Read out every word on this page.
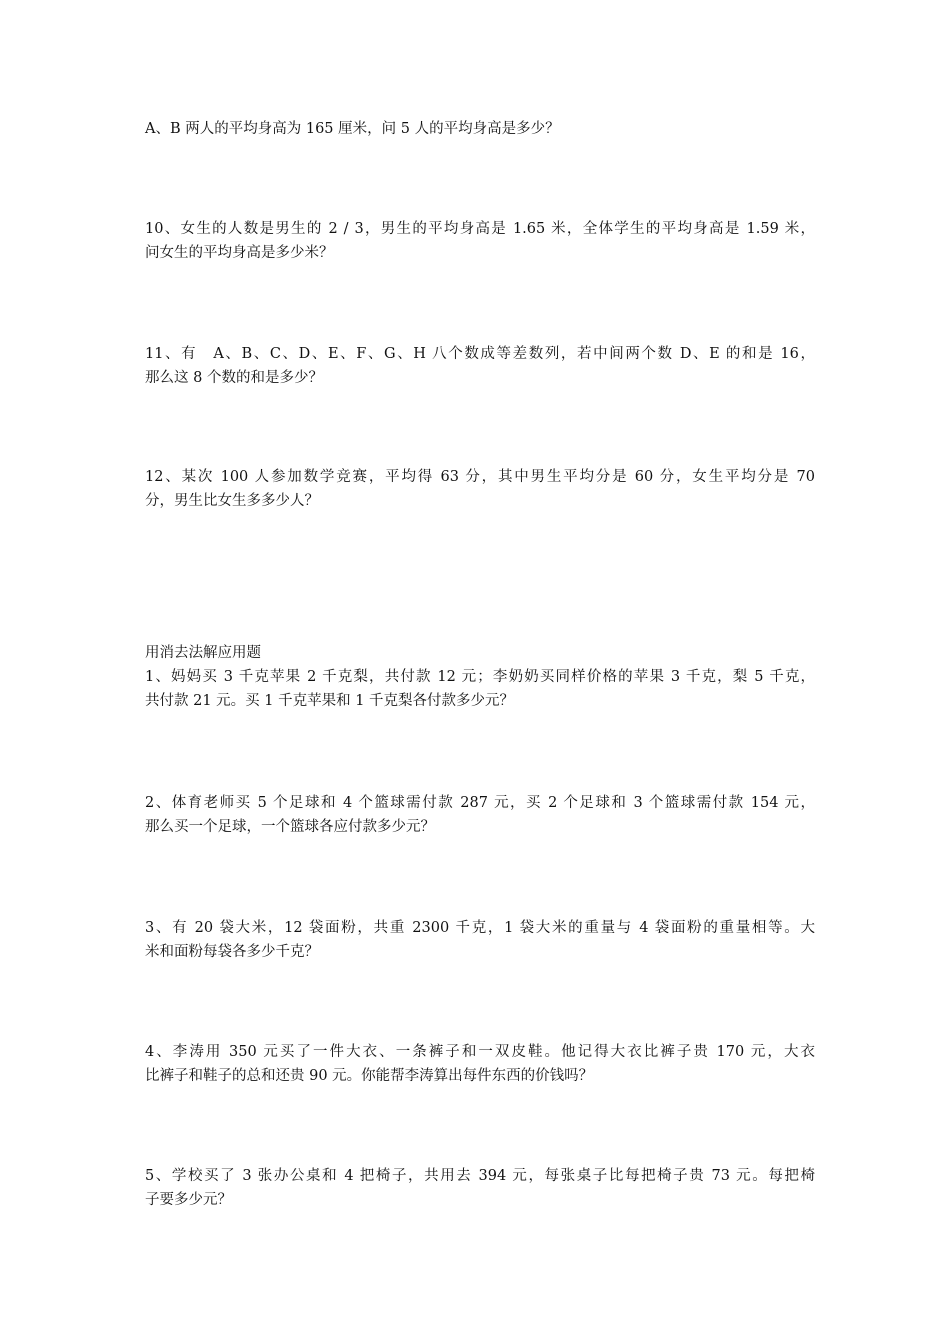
A、B 两人的平均身高为 165 厘米，问 5 人的平均身高是多少？
10、女生的人数是男生的 2 / 3，男生的平均身高是 1.65 米，全体学生的平均身高是 1.59 米，
问女生的平均身高是多少米？
11、有　A、B、C、D、E、F、G、H 八个数成等差数列，若中间两个数 D、E 的和是 16，
那么这 8 个数的和是多少？
12、某次 100 人参加数学竞赛，平均得 63 分，其中男生平均分是 60 分，女生平均分是 70
分，男生比女生多多少人？
用消去法解应用题
1、妈妈买 3 千克苹果 2 千克梨，共付款 12 元；李奶奶买同样价格的苹果 3 千克，梨 5 千克，
共付款 21 元。买 1 千克苹果和 1 千克梨各付款多少元？
2、体育老师买 5 个足球和 4 个篮球需付款 287 元，买 2 个足球和 3 个篮球需付款 154 元，
那么买一个足球，一个篮球各应付款多少元？
3、有 20 袋大米，12 袋面粉，共重 2300 千克，1 袋大米的重量与 4 袋面粉的重量相等。大
米和面粉每袋各多少千克？
4、李涛用 350 元买了一件大衣、一条裤子和一双皮鞋。他记得大衣比裤子贵 170 元，大衣
比裤子和鞋子的总和还贵 90 元。你能帮李涛算出每件东西的价钱吗？
5、学校买了 3 张办公桌和 4 把椅子，共用去 394 元，每张桌子比每把椅子贵 73 元。每把椅
子要多少元？
